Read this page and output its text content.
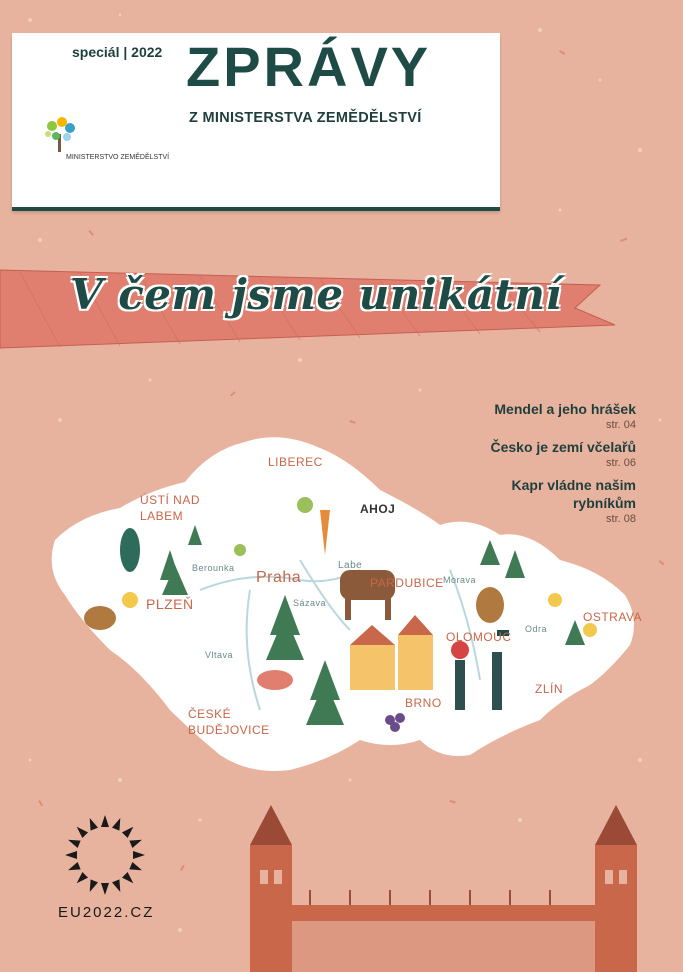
speciál | 2022 ZPRÁVY
Z MINISTERSTVA ZEMĚDĚLSTVÍ
MINISTERSTVO ZEMĚDĚLSTVÍ
V čem jsme unikátní
Mendel a jeho hrášek
str. 04
Česko je zemí včelařů
str. 06
Kapr vládne našim rybníkům
str. 08
LIBEREC
ÚSTÍ NAD LABEM	AHOJ
Labe
PARDUBICE
Praha
Berounka
Sázava
PLZEŇ
Morava
OLOMOUC
Odra
OSTRAVA
Vltava
ZLÍN
BRNO
ČESKÉ BUDĚJOVICE
EU2022.CZ
